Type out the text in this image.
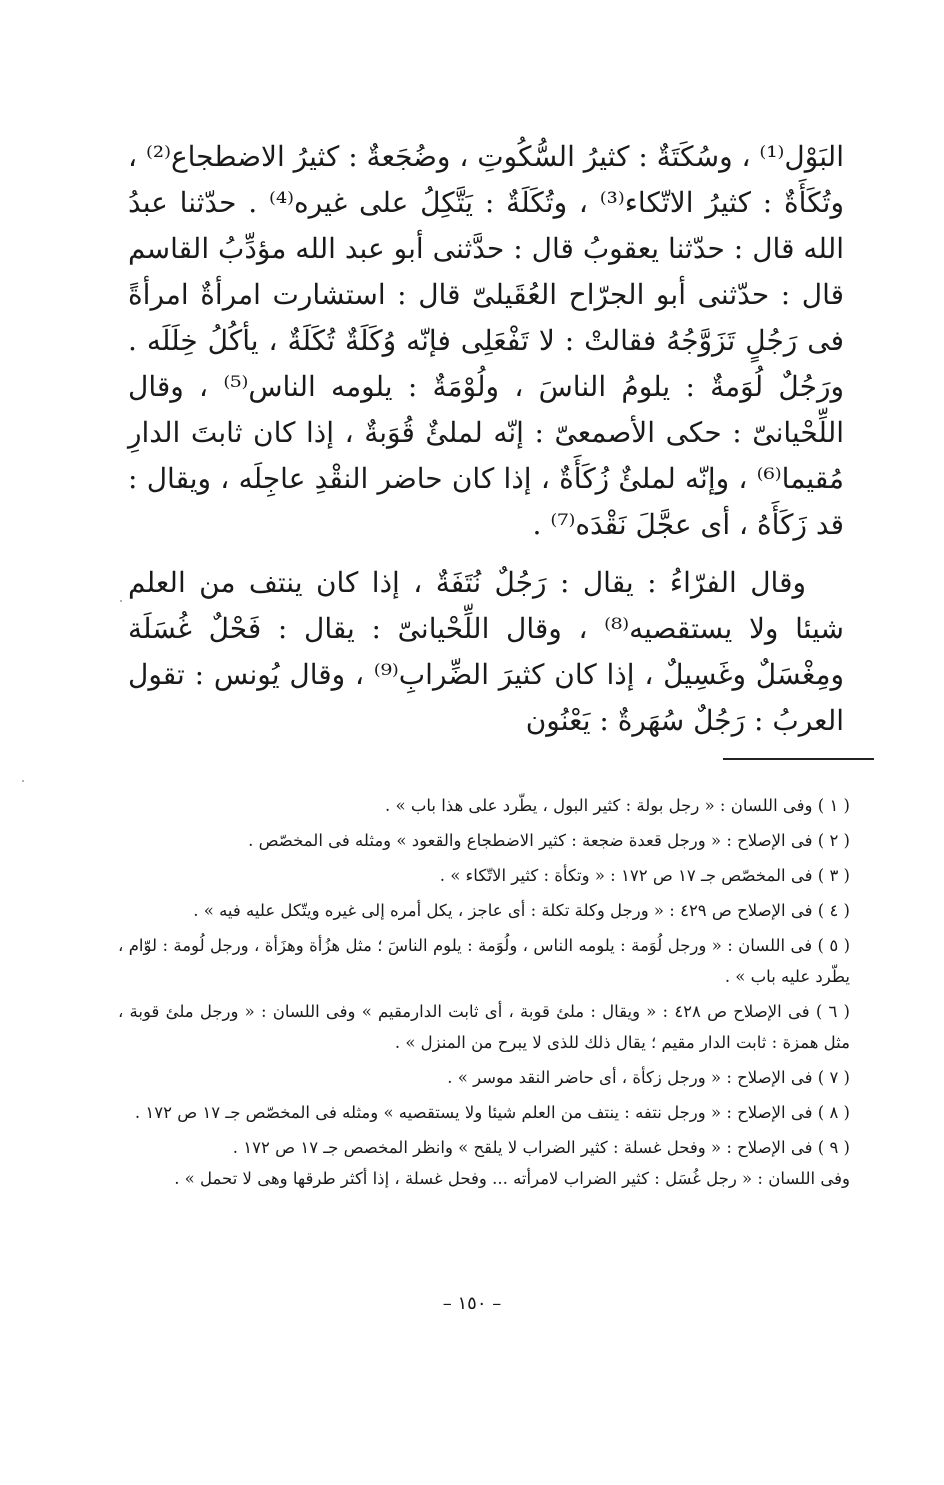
البَوْل⁽¹⁾ ، وسُكَتَةٌ : كثيرُ السُّكُوتِ ، وضُجَعةٌ : كثيرُ الاضطجاع⁽²⁾ ، وتُكَأَةٌ : كثيرُ الاتّكاء⁽³⁾ ، وتُكَلَةٌ : يَتَّكِلُ على غيره⁽⁴⁾ . حدّثنا عبدُ الله قال : حدّثنا يعقوبُ قال : حدَّثنى أبو عبد الله مؤدِّبُ القاسم قال : حدّثنى أبو الجرّاح العُقَيلىّ قال : استشارت امرأةٌ امرأةً فى رَجُلٍ تَزَوَّجُهُ فقالتْ : لا تَفْعَلِى فإنّه وُكَلَةٌ تُكَلَةٌ ، يأكُلُ خِلَلَه . ورَجُلٌ لُوَمةٌ : يلومُ الناسَ ، ولُوْمَةٌ : يلومه الناس⁽⁵⁾ ، وقال اللِّحْيانىّ : حكى الأصمعىّ : إنّه لملئٌ قُوَبةٌ ، إذا كان ثابتَ الدارِ مُقيما⁽⁶⁾ ، وإنّه لملئٌ زُكَأَةٌ ، إذا كان حاضر النقْدِ عاجِلَه ، ويقال : قد زَكَأَهُ ، أى عجَّلَ نَقْدَه⁽⁷⁾ .

وقال الفرّاءُ : يقال : رَجُلٌ نُتَفَةٌ ، إذا كان ينتف من العلم شيئا ولا يستقصيه⁽⁸⁾ ، وقال اللِّحْيانىّ : يقال : فَحْلٌ غُسَلَة ومِغْسَلٌ وغَسِيلٌ ، إذا كان كثيرَ الضِّرابِ⁽⁹⁾ ، وقال يُونس : تقول العربُ : رَجُلٌ سُهَرةٌ : يَعْنُون

( ١ ) وفى اللسان : « رجل بولة : كثير البول ، يطّرد على هذا باب » .

( ٢ ) فى الإصلاح : « ورجل قعدة ضجعة : كثير الاضطجاع والقعود » ومثله فى المخصّص .

( ٣ ) فى المخصّص جـ ١٧ ص ١٧٢ : « وتكأة : كثير الاتّكاء » .

( ٤ ) فى الإصلاح ص ٤٢٩ : « ورجل وكلة تكلة : أى عاجز ، يكل أمره إلى غيره ويتّكل عليه فيه » .

( ٥ ) فى اللسان : « ورجل لُوَمة : يلومه الناس ، ولُوَمة : يلوم الناسَ ؛ مثل هزُأة وهزَأة ، ورجل لُومة : لوّام ، يطّرد عليه باب » .

( ٦ ) فى الإصلاح ص ٤٢٨ : « ويقال : ملئ قوبة ، أى ثابت الدارمقيم » وفى اللسان : « ورجل ملئ قوبة ، مثل همزة : ثابت الدار مقيم ؛ يقال ذلك للذى لا يبرح من المنزل » .

( ٧ ) فى الإصلاح : « ورجل زكأة ، أى حاضر النقد موسر » .

( ٨ ) فى الإصلاح : « ورجل نتفه : ينتف من العلم شيئا ولا يستقصيه » ومثله فى المخصّص جـ ١٧ ص ١٧٢ .

( ٩ ) فى الإصلاح : « وفحل غسلة : كثير الضراب لا يلقح » وانظر المخصص جـ ١٧ ص ١٧٢ .

وفى اللسان : « رجل غُسَل : كثير الضراب لامرأته ... وفحل غسلة ، إذا أكثر طرقها وهى لا تحمل » .

– ١٥٠ –
